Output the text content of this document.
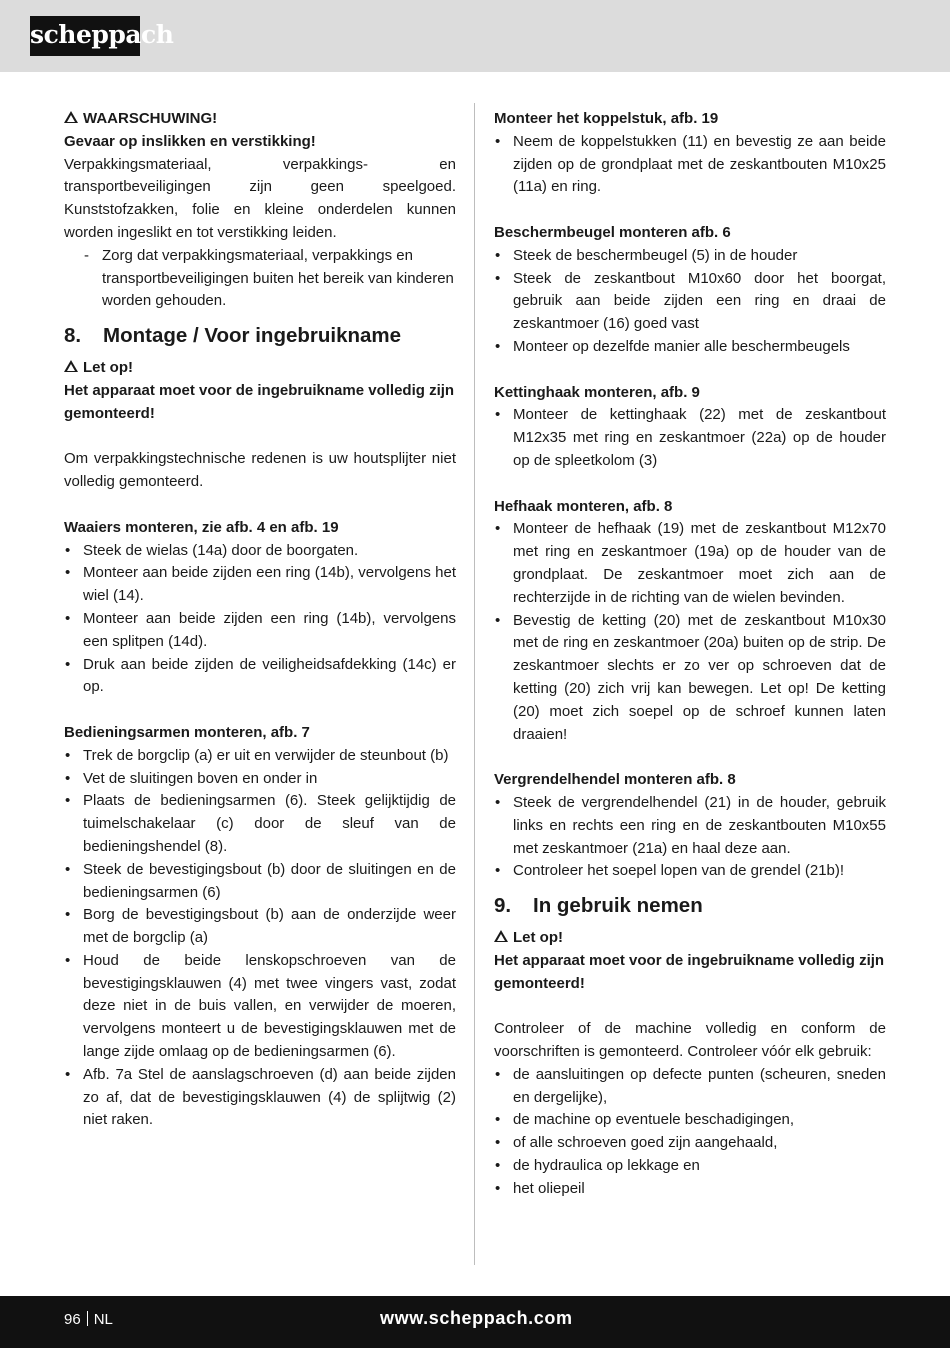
scheppach

WAARSCHUWING!

Gevaar op inslikken en verstikking!

Verpakkingsmateriaal, verpakkings- en transportbeveiligingen zijn geen speelgoed. Kunststofzakken, folie en kleine onderdelen kunnen worden ingeslikt en tot verstikking leiden.

- Zorg dat verpakkingsmateriaal, verpakkings en transportbeveiligingen buiten het bereik van kinderen worden gehouden.
8. Montage / Voor ingebruikname

Let op!

Het apparaat moet voor de ingebruikname volledig zijn gemonteerd!

Om verpakkingstechnische redenen is uw houtsplijter niet volledig gemonteerd.

Waaiers monteren, zie afb. 4 en afb. 19

• Steek de wielas (14a) door de boorgaten.
• Monteer aan beide zijden een ring (14b), vervolgens het wiel (14).
• Monteer aan beide zijden een ring (14b), vervolgens een splitpen (14d).
• Druk aan beide zijden de veiligheidsafdekking (14c) er op.

Bedieningsarmen monteren, afb. 7

• Trek de borgclip (a) er uit en verwijder de steunbout (b)
• Vet de sluitingen boven en onder in
• Plaats de bedieningsarmen (6). Steek gelijktijdig de tuimelschakelaar (c) door de sleuf van de bedieningshendel (8).
• Steek de bevestigingsbout (b) door de sluitingen en de bedieningsarmen (6)
• Borg de bevestigingsbout (b) aan de onderzijde weer met de borgclip (a)
• Houd de beide lenskopschroeven van de bevestigingsklauwen (4) met twee vingers vast, zodat deze niet in de buis vallen, en verwijder de moeren, vervolgens monteert u de bevestigingsklauwen met de lange zijde omlaag op de bedieningsarmen (6).
• Afb. 7a Stel de aanslagschroeven (d) aan beide zijden zo af, dat de bevestigingsklauwen (4) de splijtwig (2) niet raken.

Monteer het koppelstuk, afb. 19

• Neem de koppelstukken (11) en bevestig ze aan beide zijden op de grondplaat met de zeskantbouten M10x25 (11a) en ring.

Beschermbeugel monteren afb. 6

• Steek de beschermbeugel (5) in de houder
• Steek de zeskantbout M10x60 door het boorgat, gebruik aan beide zijden een ring en draai de zeskantmoer (16) goed vast
• Monteer op dezelfde manier alle beschermbeugels

Kettinghaak monteren, afb. 9

• Monteer de kettinghaak (22) met de zeskantbout M12x35 met ring en zeskantmoer (22a) op de houder op de spleetkolom (3)

Hefhaak monteren, afb. 8

• Monteer de hefhaak (19) met de zeskantbout M12x70 met ring en zeskantmoer (19a) op de houder van de grondplaat. De zeskantmoer moet zich aan de rechterzijde in de richting van de wielen bevinden.
• Bevestig de ketting (20) met de zeskantbout M10x30 met de ring en zeskantmoer (20a) buiten op de strip. De zeskantmoer slechts er zo ver op schroeven dat de ketting (20) zich vrij kan bewegen. Let op! De ketting (20) moet zich soepel op de schroef kunnen laten draaien!

Vergrendelhendel monteren afb. 8

• Steek de vergrendelhendel (21) in de houder, gebruik links en rechts een ring en de zeskantbouten M10x55 met zeskantmoer (21a) en haal deze aan.
• Controleer het soepel lopen van de grendel (21b)!
9. In gebruik nemen

Let op!

Het apparaat moet voor de ingebruikname volledig zijn gemonteerd!

Controleer of de machine volledig en conform de voorschriften is gemonteerd. Controleer vóór elk gebruik:

• de aansluitingen op defecte punten (scheuren, sneden en dergelijke),
• de machine op eventuele beschadigingen,
• of alle schroeven goed zijn aangehaald,
• de hydraulica op lekkage en
• het oliepeil
96 NL	www.scheppach.com
